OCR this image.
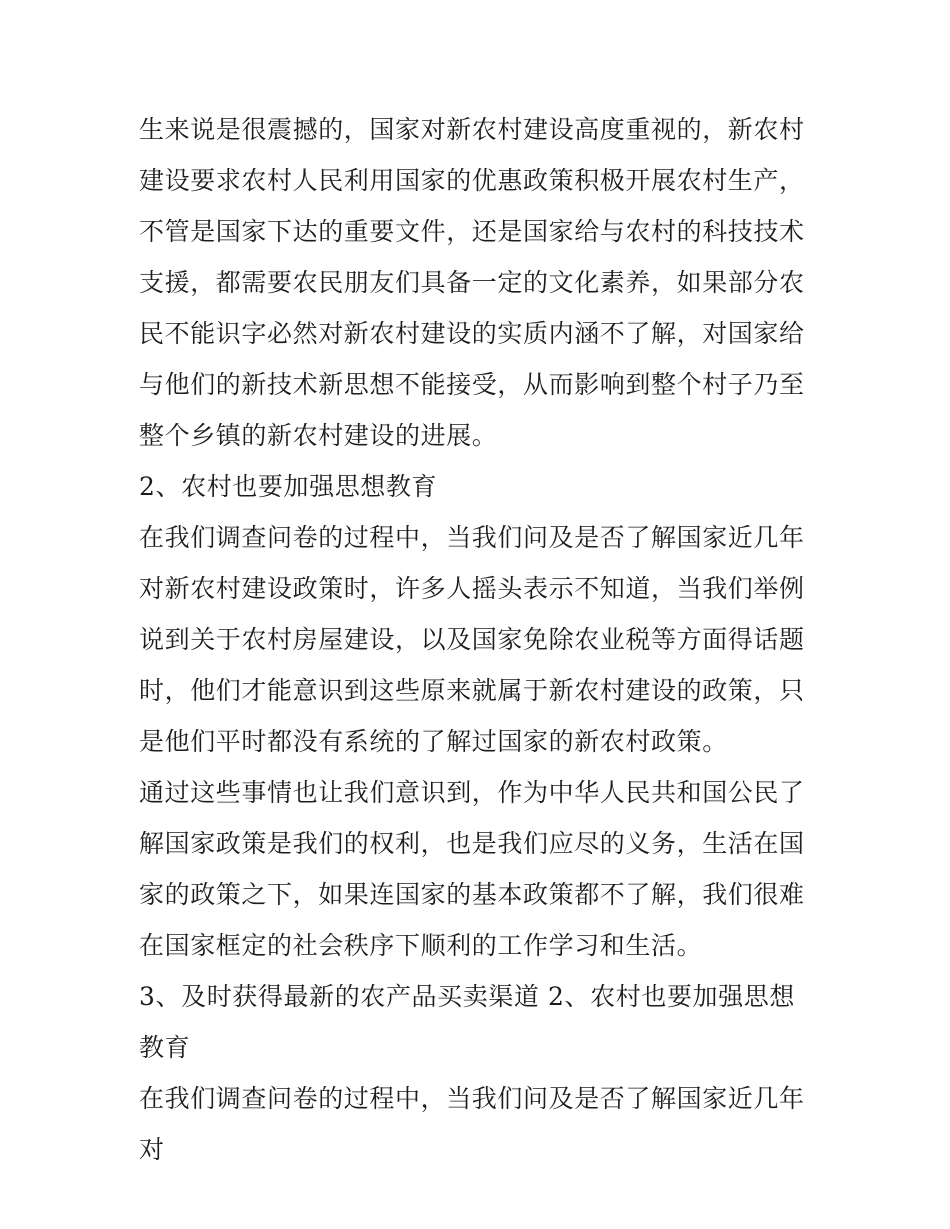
生来说是很震撼的，国家对新农村建设高度重视的，新农村建设要求农村人民利用国家的优惠政策积极开展农村生产，不管是国家下达的重要文件，还是国家给与农村的科技技术支援，都需要农民朋友们具备一定的文化素养，如果部分农民不能识字必然对新农村建设的实质内涵不了解，对国家给与他们的新技术新思想不能接受，从而影响到整个村子乃至整个乡镇的新农村建设的进展。

2、农村也要加强思想教育

在我们调查问卷的过程中，当我们问及是否了解国家近几年对新农村建设政策时，许多人摇头表示不知道，当我们举例说到关于农村房屋建设，以及国家免除农业税等方面得话题时，他们才能意识到这些原来就属于新农村建设的政策，只是他们平时都没有系统的了解过国家的新农村政策。

通过这些事情也让我们意识到，作为中华人民共和国公民了解国家政策是我们的权利，也是我们应尽的义务，生活在国家的政策之下，如果连国家的基本政策都不了解，我们很难在国家框定的社会秩序下顺利的工作学习和生活。

3、及时获得最新的农产品买卖渠道 2、农村也要加强思想教育

在我们调查问卷的过程中，当我们问及是否了解国家近几年对
